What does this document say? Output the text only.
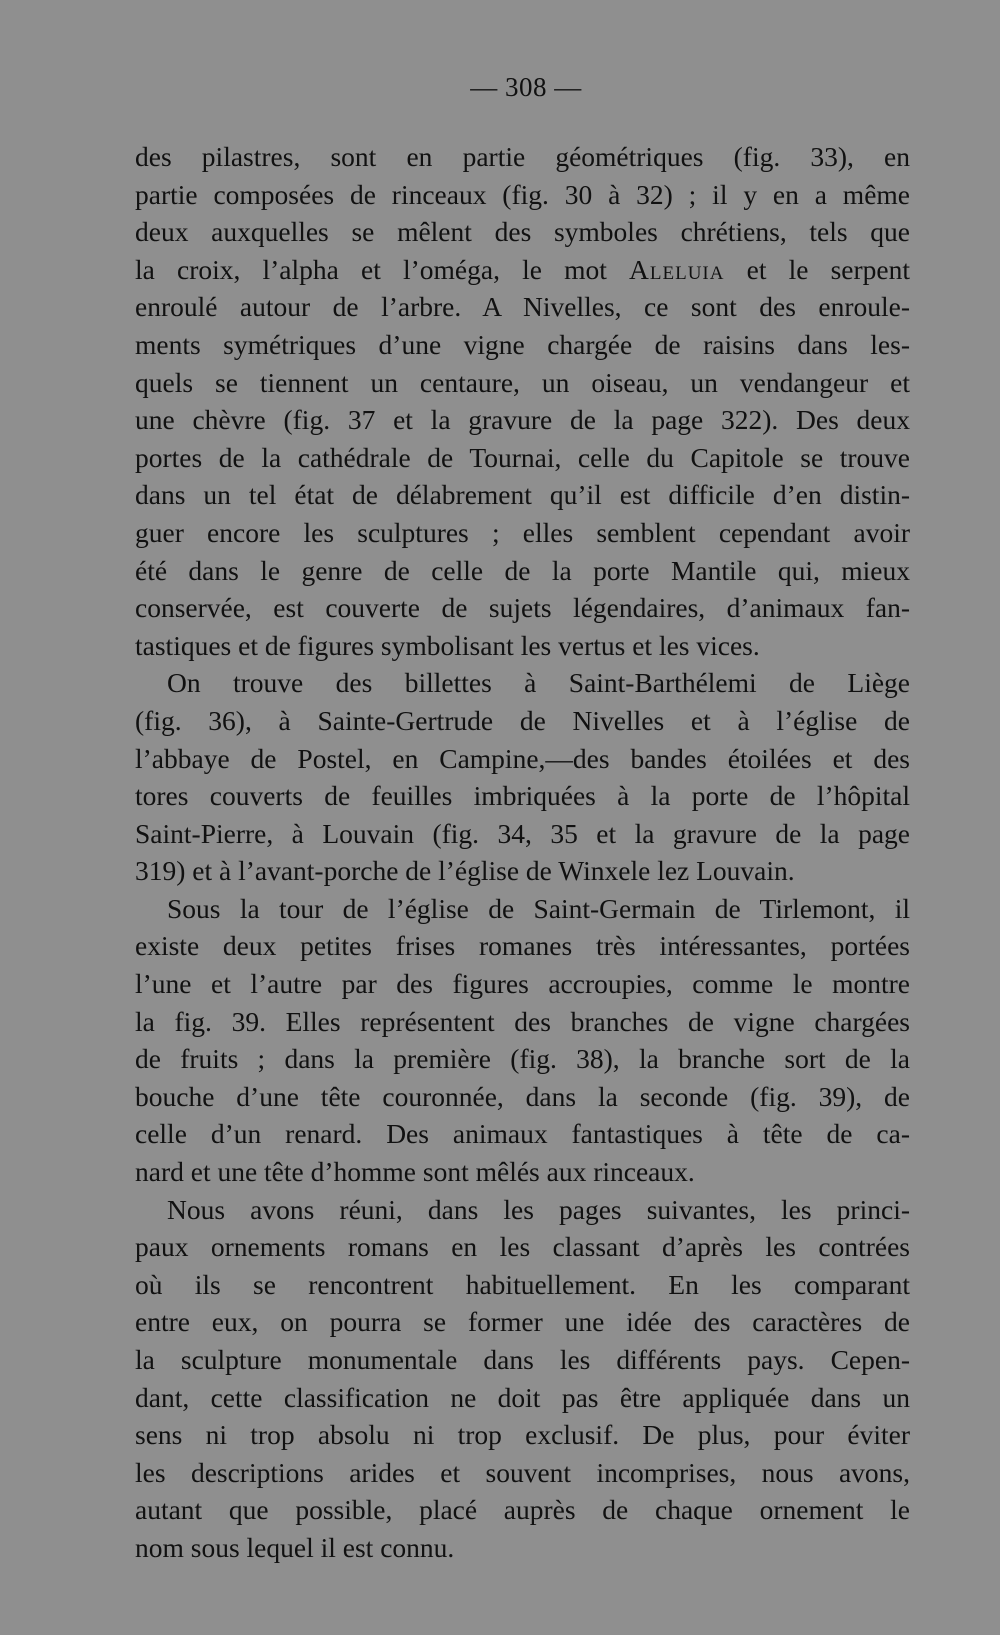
— 308 —
des pilastres, sont en partie géométriques (fig. 33), en
partie composées de rinceaux (fig. 30 à 32) ; il y en a même
deux auxquelles se mêlent des symboles chrétiens, tels que
la croix, l’alpha et l’oméga, le mot Aleluia et le serpent
enroulé autour de l’arbre. A Nivelles, ce sont des enroule-
ments symétriques d’une vigne chargée de raisins dans les-
quels se tiennent un centaure, un oiseau, un vendangeur et
une chèvre (fig. 37 et la gravure de la page 322). Des deux
portes de la cathédrale de Tournai, celle du Capitole se trouve
dans un tel état de délabrement qu’il est difficile d’en distin-
guer encore les sculptures ; elles semblent cependant avoir
été dans le genre de celle de la porte Mantile qui, mieux
conservée, est couverte de sujets légendaires, d’animaux fan-
tastiques et de figures symbolisant les vertus et les vices.
On trouve des billettes à Saint-Barthélemi de Liège
(fig. 36), à Sainte-Gertrude de Nivelles et à l’église de
l’abbaye de Postel, en Campine,—des bandes étoilées et des
tores couverts de feuilles imbriquées à la porte de l’hôpital
Saint-Pierre, à Louvain (fig. 34, 35 et la gravure de la page
319) et à l’avant-porche de l’église de Winxele lez Louvain.
Sous la tour de l’église de Saint-Germain de Tirlemont, il
existe deux petites frises romanes très intéressantes, portées
l’une et l’autre par des figures accroupies, comme le montre
la fig. 39. Elles représentent des branches de vigne chargées
de fruits ; dans la première (fig. 38), la branche sort de la
bouche d’une tête couronnée, dans la seconde (fig. 39), de
celle d’un renard. Des animaux fantastiques à tête de ca-
nard et une tête d’homme sont mêlés aux rinceaux.
Nous avons réuni, dans les pages suivantes, les princi-
paux ornements romans en les classant d’après les contrées
où ils se rencontrent habituellement. En les comparant
entre eux, on pourra se former une idée des caractères de
la sculpture monumentale dans les différents pays. Cepen-
dant, cette classification ne doit pas être appliquée dans un
sens ni trop absolu ni trop exclusif. De plus, pour éviter
les descriptions arides et souvent incomprises, nous avons,
autant que possible, placé auprès de chaque ornement le
nom sous lequel il est connu.
